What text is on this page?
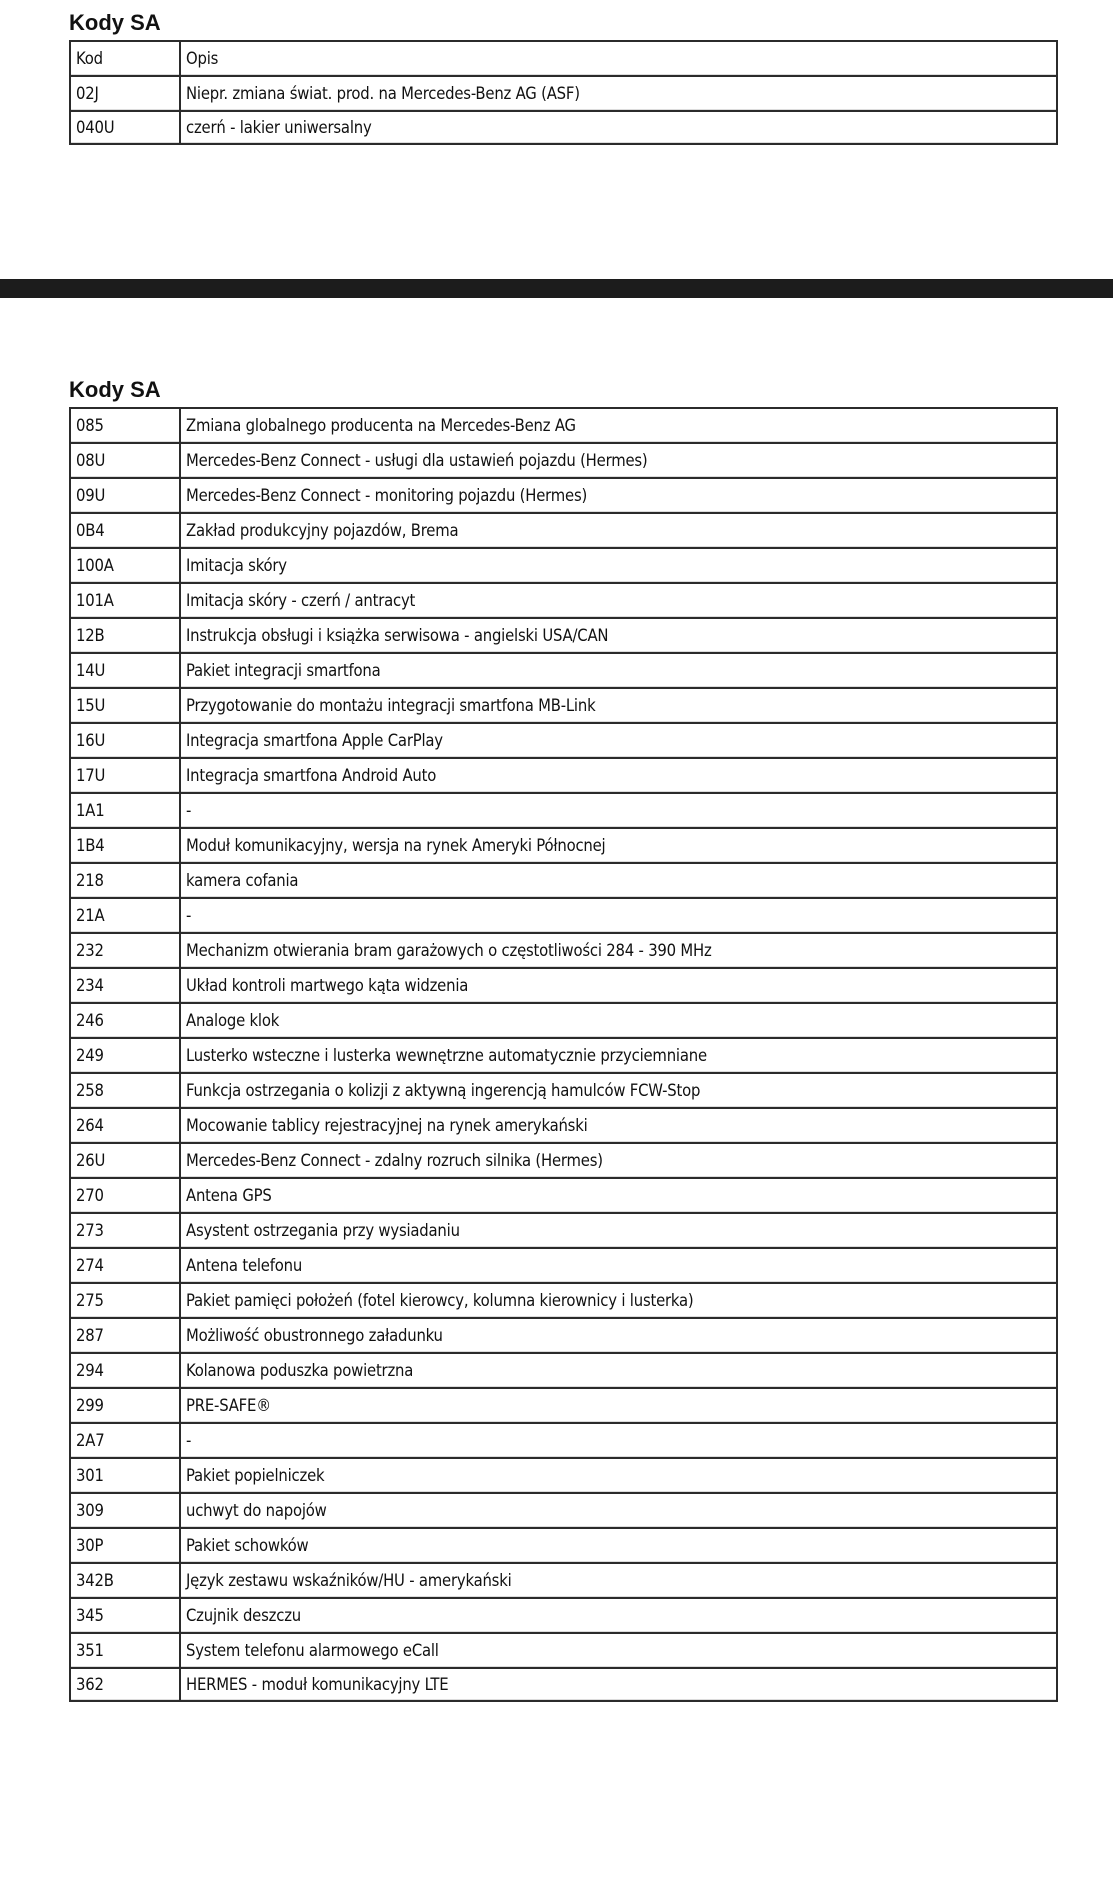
Kody SA
Kod	Opis
02J	Niepr. zmiana świat. prod. na Mercedes-Benz AG (ASF)
040U	czerń - lakier uniwersalny
Kody SA
085	Zmiana globalnego producenta na Mercedes-Benz AG
08U	Mercedes-Benz Connect - usługi dla ustawień pojazdu (Hermes)
09U	Mercedes-Benz Connect - monitoring pojazdu (Hermes)
0B4	Zakład produkcyjny pojazdów, Brema
100A	Imitacja skóry
101A	Imitacja skóry - czerń / antracyt
12B	Instrukcja obsługi i książka serwisowa - angielski USA/CAN
14U	Pakiet integracji smartfona
15U	Przygotowanie do montażu integracji smartfona MB-Link
16U	Integracja smartfona Apple CarPlay
17U	Integracja smartfona Android Auto
1A1	-
1B4	Moduł komunikacyjny, wersja na rynek Ameryki Północnej
218	kamera cofania
21A	-
232	Mechanizm otwierania bram garażowych o częstotliwości 284 - 390 MHz
234	Układ kontroli martwego kąta widzenia
246	Analoge klok
249	Lusterko wsteczne i lusterka wewnętrzne automatycznie przyciemniane
258	Funkcja ostrzegania o kolizji z aktywną ingerencją hamulców FCW-Stop
264	Mocowanie tablicy rejestracyjnej na rynek amerykański
26U	Mercedes-Benz Connect - zdalny rozruch silnika (Hermes)
270	Antena GPS
273	Asystent ostrzegania przy wysiadaniu
274	Antena telefonu
275	Pakiet pamięci położeń (fotel kierowcy, kolumna kierownicy i lusterka)
287	Możliwość obustronnego załadunku
294	Kolanowa poduszka powietrzna
299	PRE-SAFE®
2A7	-
301	Pakiet popielniczek
309	uchwyt do napojów
30P	Pakiet schowków
342B	Język zestawu wskaźników/HU - amerykański
345	Czujnik deszczu
351	System telefonu alarmowego eCall
362	HERMES - moduł komunikacyjny LTE
